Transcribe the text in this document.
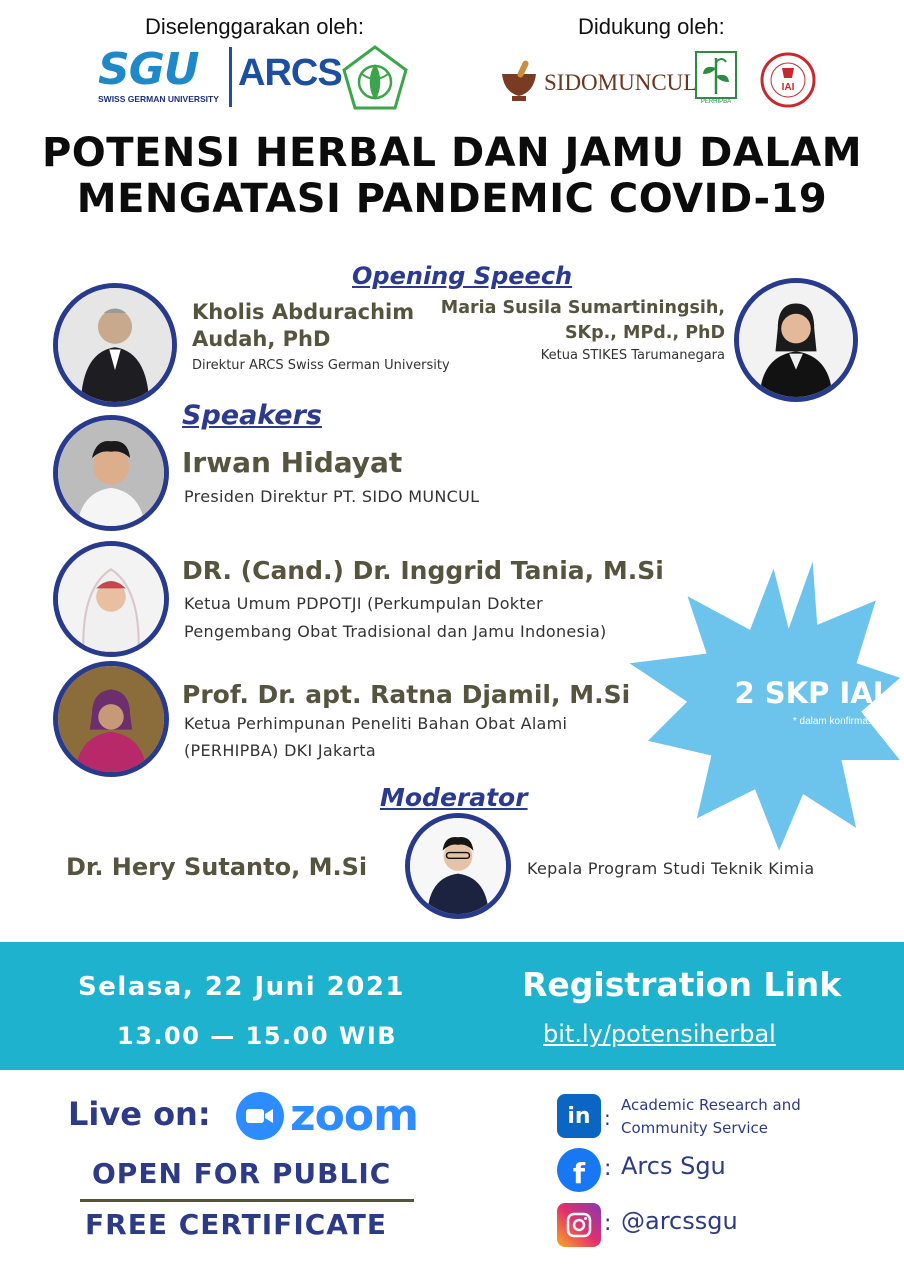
Diselenggarakan oleh:	Didukung oleh:
SGU
SWISS GERMAN UNIVERSITY
ARCS	SIDOMUNCUL
PERHIPBA
IAI
POTENSI HERBAL DAN JAMU DALAM
MENGATASI PANDEMIC COVID-19
Opening Speech
Kholis Abdurachim
Audah, PhD
Direktur ARCS Swiss German University
Maria Susila Sumartiningsih,
SKp., MPd., PhD
Ketua STIKES Tarumanegara
Speakers
Irwan Hidayat
Presiden Direktur PT. SIDO MUNCUL
DR. (Cand.) Dr. Inggrid Tania, M.Si
Ketua Umum PDPOTJI (Perkumpulan Dokter
Pengembang Obat Tradisional dan Jamu Indonesia)
Prof. Dr. apt. Ratna Djamil, M.Si
Ketua Perhimpunan Peneliti Bahan Obat Alami
(PERHIPBA) DKI Jakarta
2 SKP IAI
* dalam konfirmasi
Moderator
Dr. Hery Sutanto, M.Si	Kepala Program Studi Teknik Kimia
Selasa, 22 Juni 2021
13.00 — 15.00 WIB
Registration Link
bit.ly/potensiherbal
Live on: zoom
OPEN FOR PUBLIC
FREE CERTIFICATE
in :
Academic Research and
Community Service
f : Arcs Sgu
: @arcssgu
